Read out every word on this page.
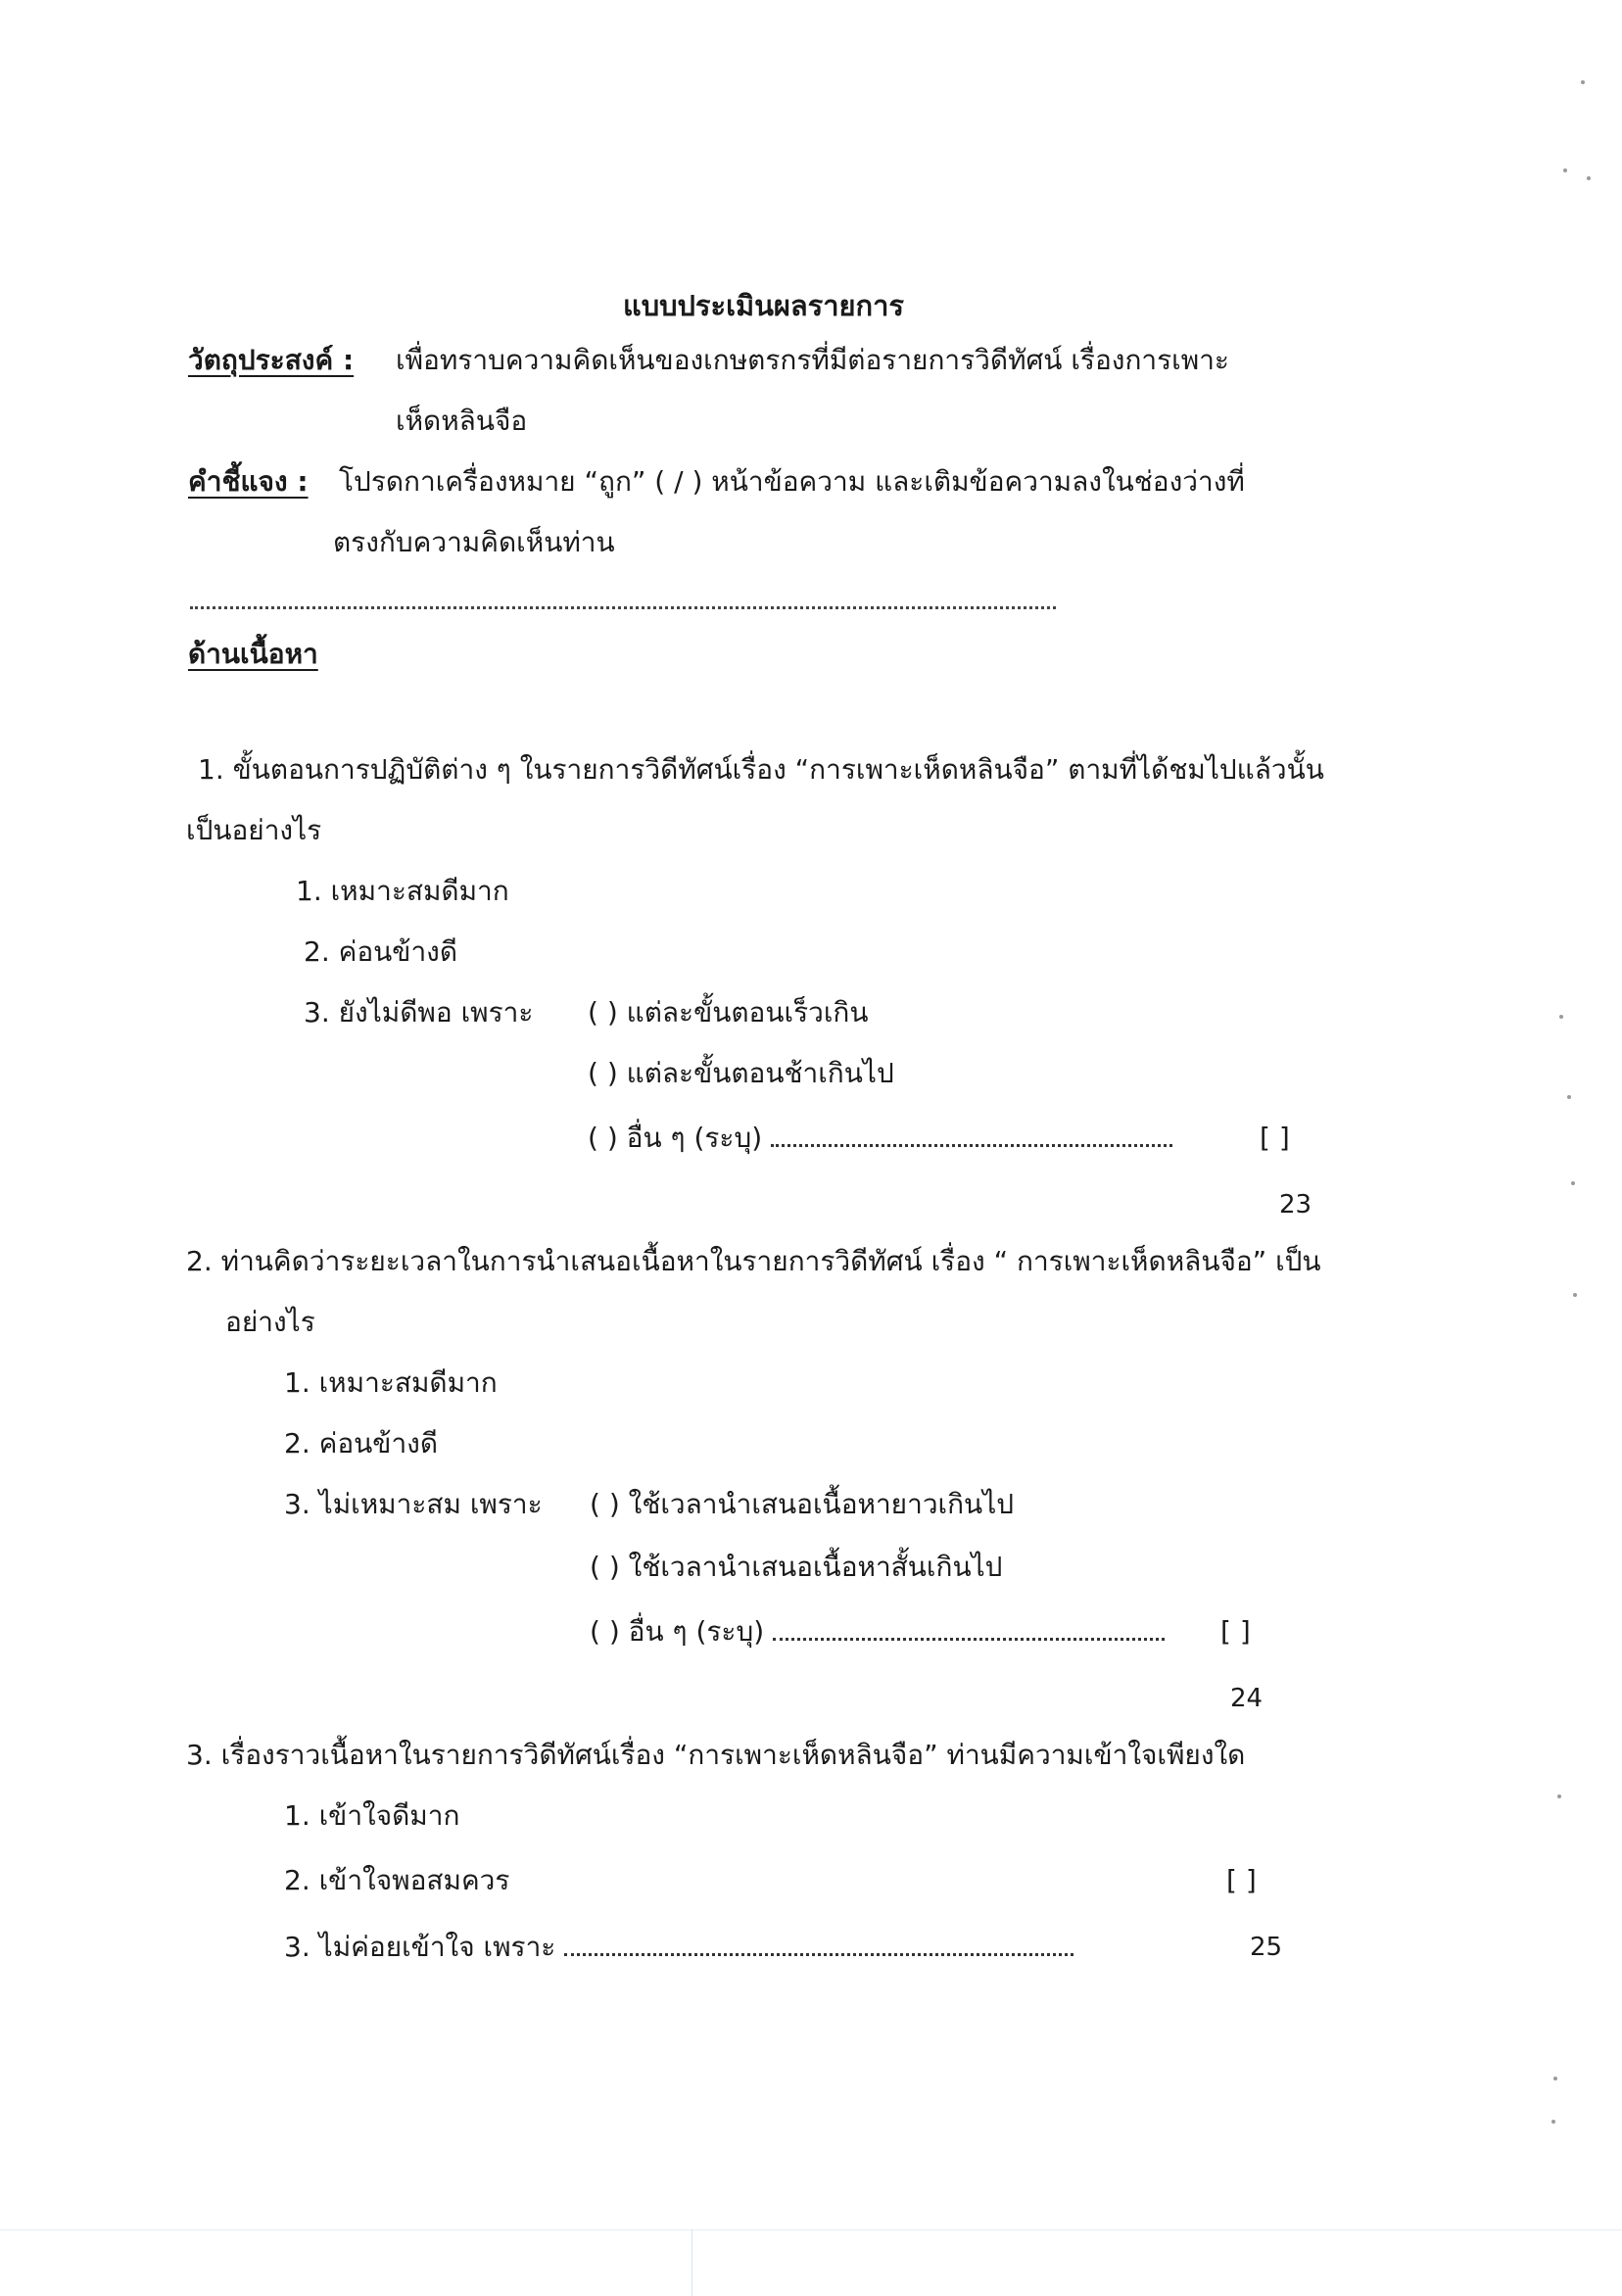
แบบประเมินผลรายการ
วัตถุประสงค์ : เพื่อทราบความคิดเห็นของเกษตรกรที่มีต่อรายการวิดีทัศน์ เรื่องการเพาะ
เห็ดหลินจือ
คำชี้แจง : โปรดกาเครื่องหมาย “ถูก” ( / ) หน้าข้อความ และเติมข้อความลงในช่องว่างที่
ตรงกับความคิดเห็นท่าน
ด้านเนื้อหา
1. ขั้นตอนการปฏิบัติต่าง ๆ ในรายการวิดีทัศน์เรื่อง “การเพาะเห็ดหลินจือ” ตามที่ได้ชมไปแล้วนั้น
เป็นอย่างไร
1. เหมาะสมดีมาก
2. ค่อนข้างดี
3. ยังไม่ดีพอ เพราะ ( ) แต่ละขั้นตอนเร็วเกิน
( ) แต่ละขั้นตอนช้าเกินไป
( ) อื่น ๆ (ระบุ)	[ ]
23
2. ท่านคิดว่าระยะเวลาในการนำเสนอเนื้อหาในรายการวิดีทัศน์ เรื่อง “ การเพาะเห็ดหลินจือ” เป็น
อย่างไร
1. เหมาะสมดีมาก
2. ค่อนข้างดี
3. ไม่เหมาะสม เพราะ ( ) ใช้เวลานำเสนอเนื้อหายาวเกินไป
( ) ใช้เวลานำเสนอเนื้อหาสั้นเกินไป
( ) อื่น ๆ (ระบุ)	[ ]
24
3. เรื่องราวเนื้อหาในรายการวิดีทัศน์เรื่อง “การเพาะเห็ดหลินจือ” ท่านมีความเข้าใจเพียงใด
1. เข้าใจดีมาก
2. เข้าใจพอสมควร	[ ]
3. ไม่ค่อยเข้าใจ เพราะ	25
